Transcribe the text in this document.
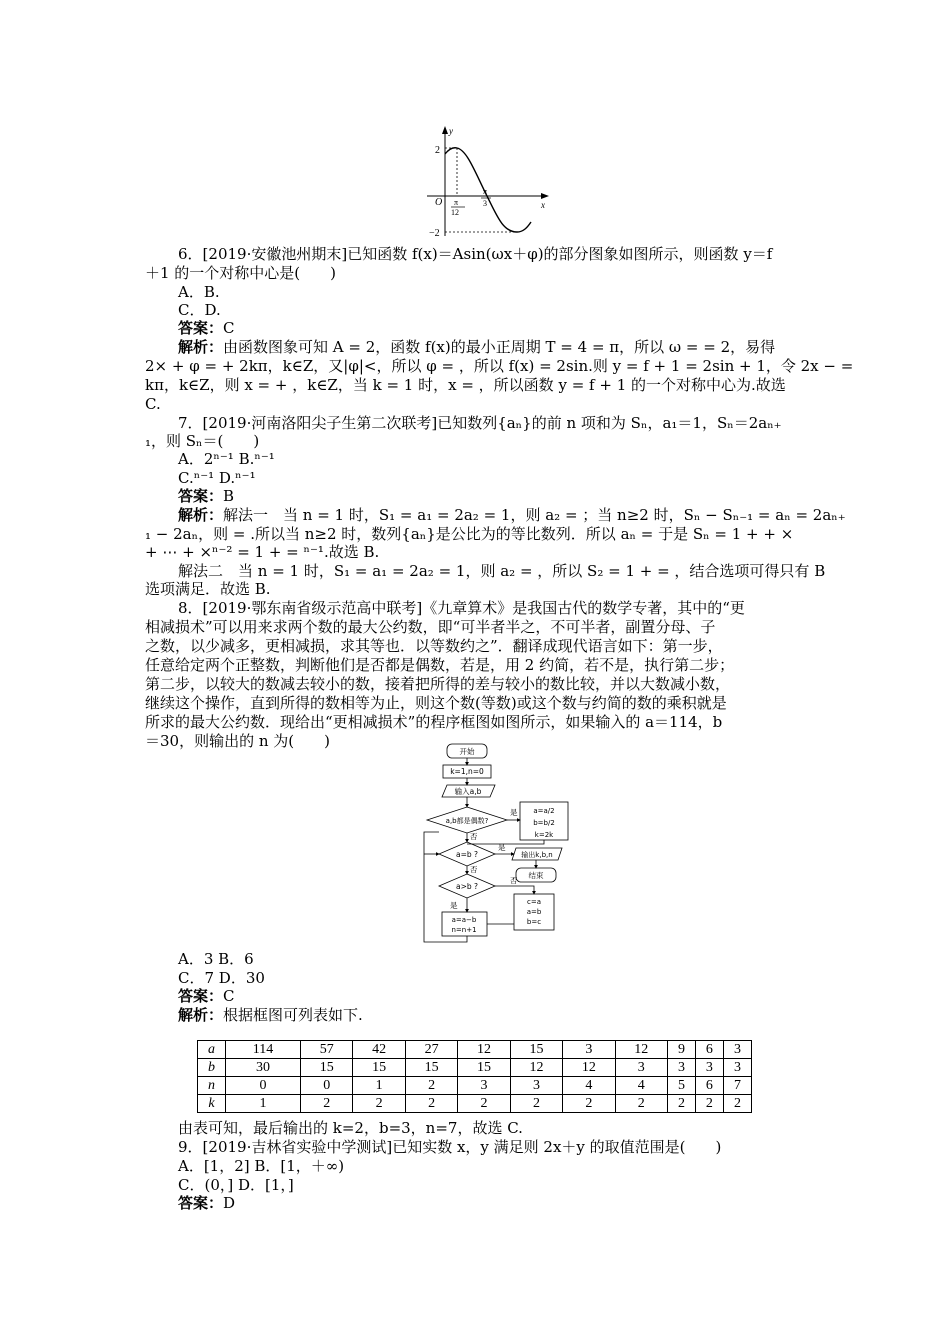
y
x
O
2
−2
π
12
π
3
6．[2019·安徽池州期末]已知函数 f(x)＝Asin(ωx＋φ)的部分图象如图所示，则函数 y＝f
＋1 的一个对称中心是(　　)
A．B.
C．D.
答案：C
解析：由函数图象可知 A = 2，函数 f(x)的最小正周期 T = 4 = π，所以 ω = = 2，易得
2× + φ = + 2kπ，k∈Z，又|φ|<，所以 φ = ，所以 f(x) = 2sin.则 y = f + 1 = 2sin + 1，令 2x − =
kπ，k∈Z，则 x = + ，k∈Z，当 k = 1 时，x = ，所以函数 y = f + 1 的一个对称中心为.故选
C.
7．[2019·河南洛阳尖子生第二次联考]已知数列{aₙ}的前 n 项和为 Sₙ，a₁＝1，Sₙ＝2aₙ₊
₁，则 Sₙ＝(　　)
A．2ⁿ⁻¹ B.ⁿ⁻¹
C.ⁿ⁻¹ D.ⁿ⁻¹
答案：B
解析：解法一　当 n = 1 时，S₁ = a₁ = 2a₂ = 1，则 a₂ = ；当 n≥2 时，Sₙ − Sₙ₋₁ = aₙ = 2aₙ₊
₁ − 2aₙ，则 = .所以当 n≥2 时，数列{aₙ}是公比为的等比数列．所以 aₙ = 于是 Sₙ = 1 + + ×
+ ⋯ + ×ⁿ⁻² = 1 + = ⁿ⁻¹.故选 B.
解法二　当 n = 1 时，S₁ = a₁ = 2a₂ = 1，则 a₂ = ，所以 S₂ = 1 + = ，结合选项可得只有 B
选项满足．故选 B.
8．[2019·鄂东南省级示范高中联考]《九章算术》是我国古代的数学专著，其中的“更
相减损术”可以用来求两个数的最大公约数，即“可半者半之，不可半者，副置分母、子
之数，以少减多，更相减损，求其等也．以等数约之”．翻译成现代语言如下：第一步，
任意给定两个正整数，判断他们是否都是偶数，若是，用 2 约简，若不是，执行第二步；
第二步，以较大的数减去较小的数，接着把所得的差与较小的数比较，并以大数减小数，
继续这个操作，直到所得的数相等为止，则这个数(等数)或这个数与约简的数的乘积就是
所求的最大公约数．现给出“更相减损术”的程序框图如图所示，如果输入的 a＝114，b
＝30，则输出的 n 为(　　)
开始
k=1,n=0
输入a,b
a,b都是偶数?
是 a=a/2
b=b/2
k=2k
否
a=b ?
是
输出k,b,n
结束
否
a>b ?
否
是
a=a−b
n=n+1
c=a
a=b
b=c
A．3 B．6
C．7 D．30
答案：C
解析：根据框图可列表如下.
a	114	57	42	27	12	15	3	12	9	6	3
b	30	15	15	15	15	12	12	3	3	3	3
n	0	0	1	2	3	3	4	4	5	6	7
k	1	2	2	2	2	2	2	2	2	2	2
由表可知，最后输出的 k=2，b=3，n=7，故选 C.
9．[2019·吉林省实验中学测试]已知实数 x，y 满足则 2x＋y 的取值范围是(　　)
A．[1，2] B．[1，＋∞)
C．(0，] D．[1，]
答案：D
